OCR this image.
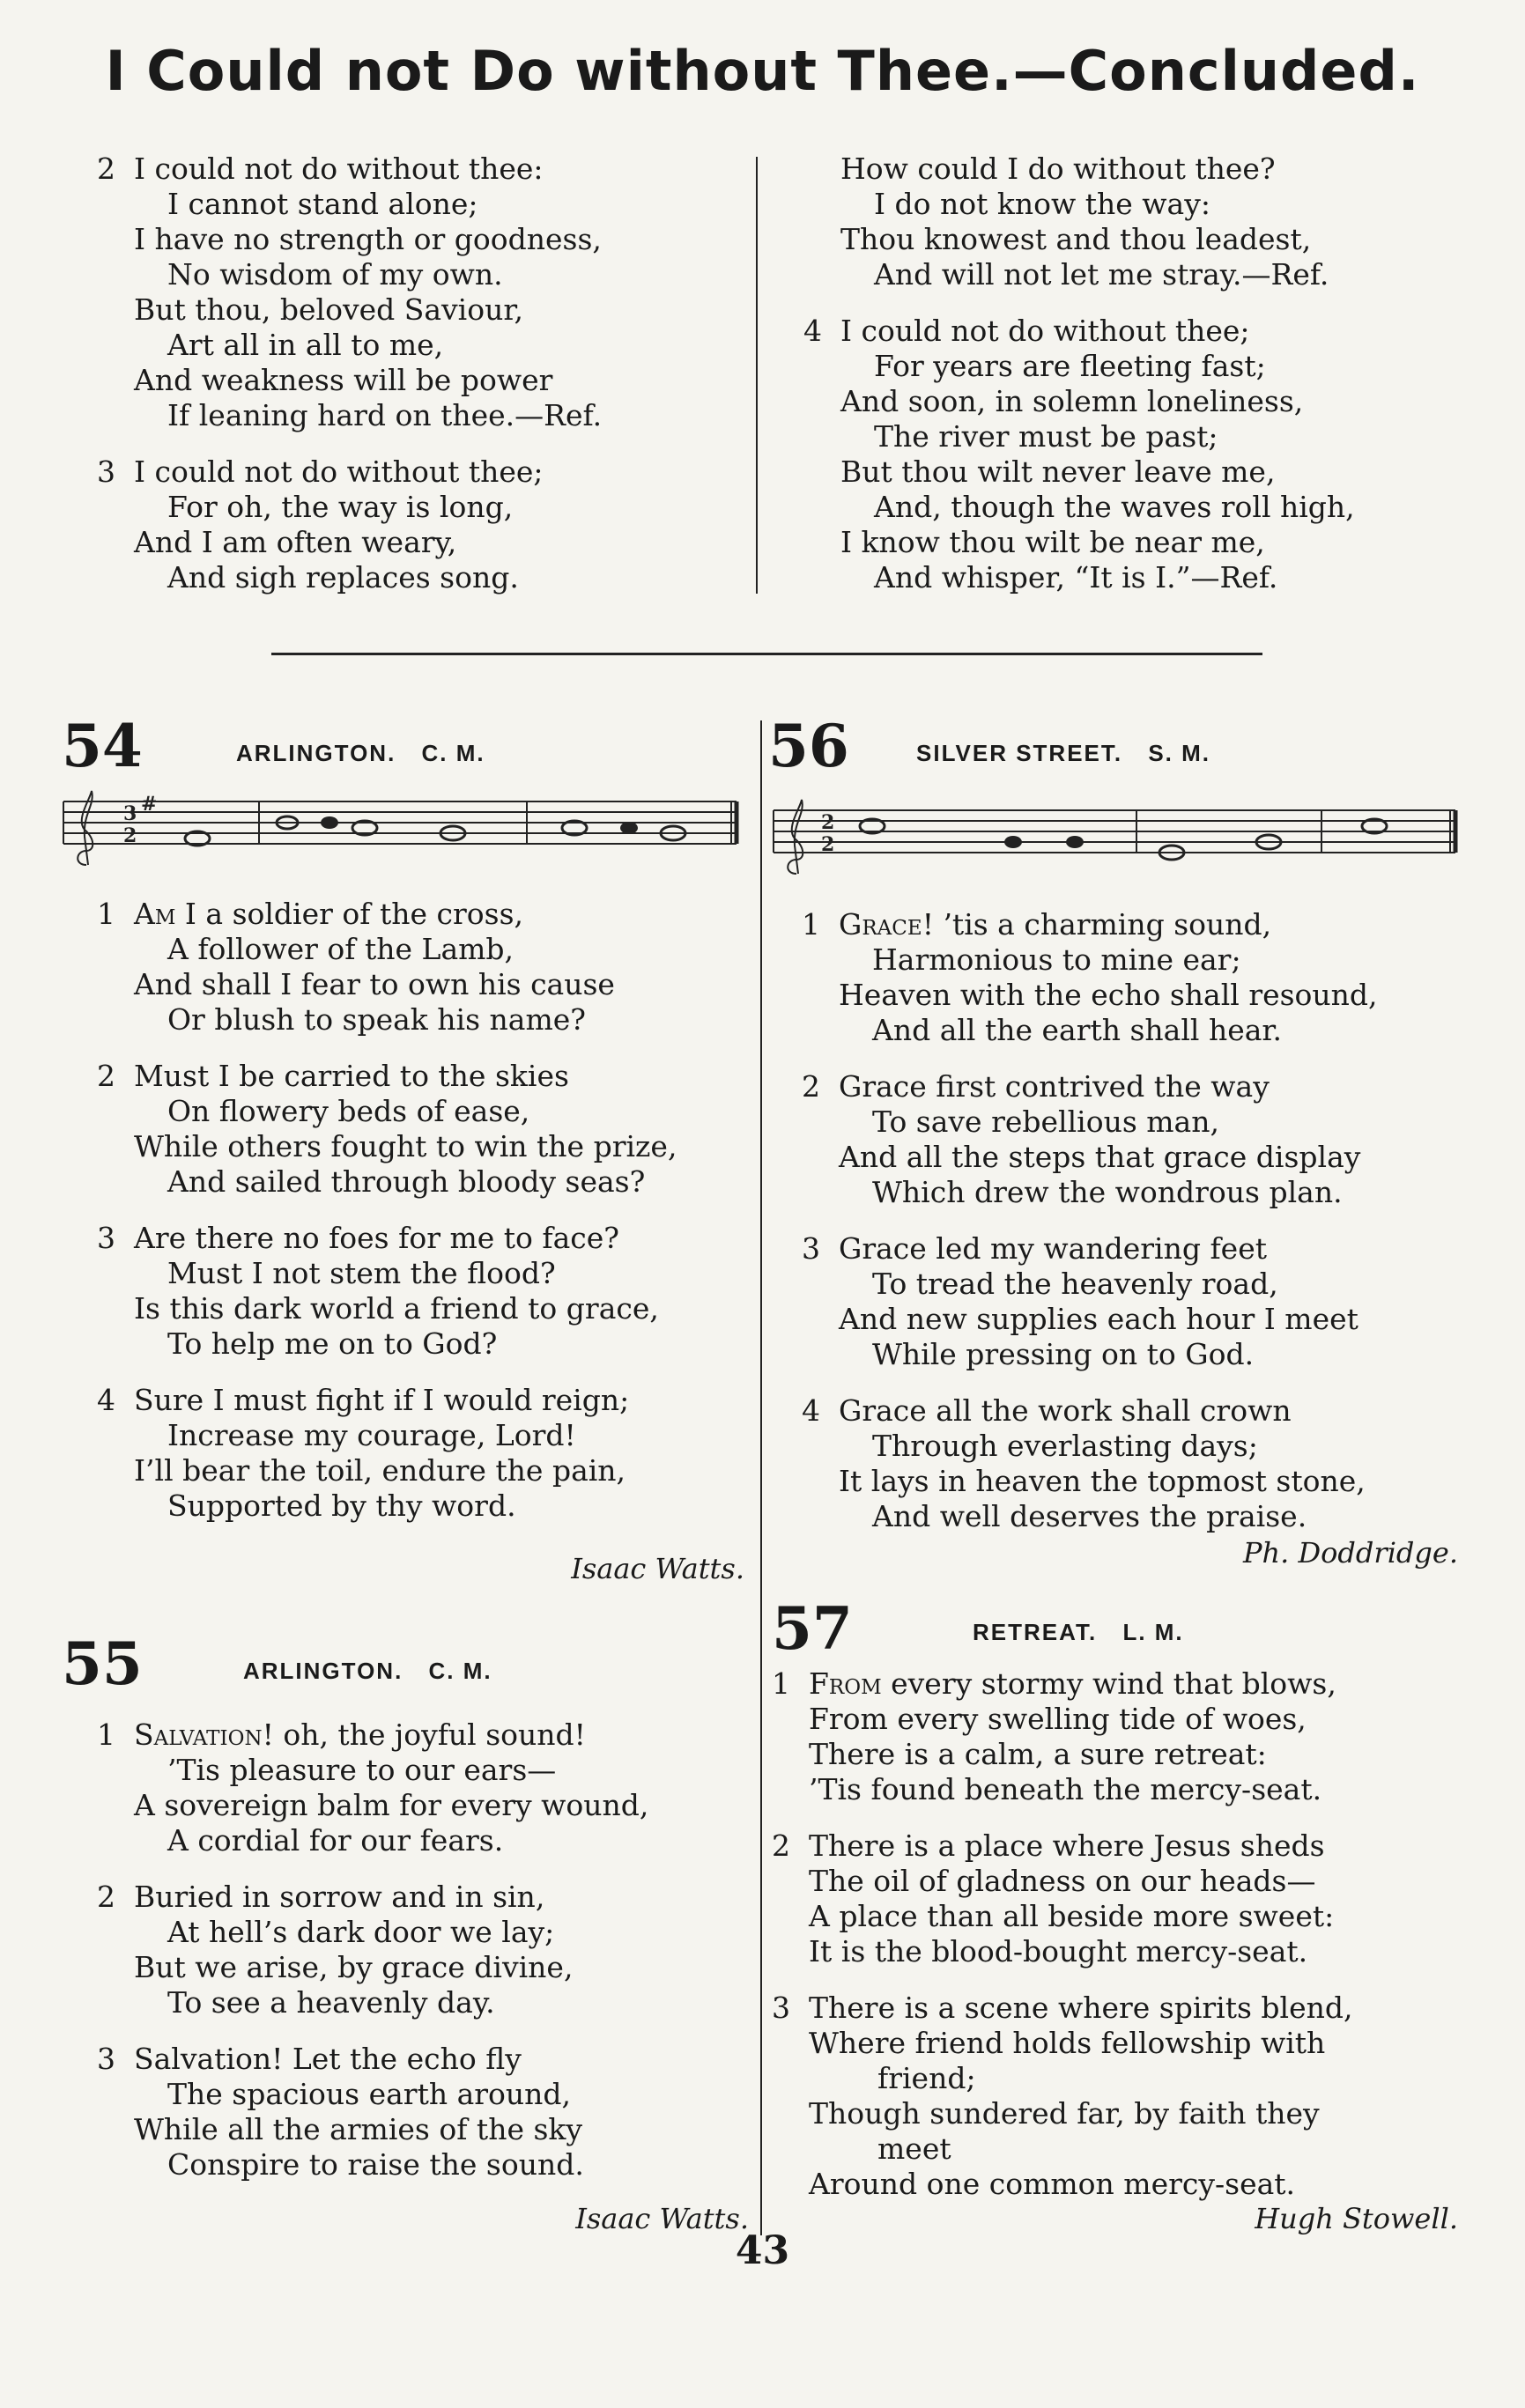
I Could not Do without Thee.—Concluded.
2 I could not do without thee:
I cannot stand alone;
I have no strength or goodness,
No wisdom of my own.
But thou, beloved Saviour,
Art all in all to me,
And weakness will be power
If leaning hard on thee.—Ref.
3 I could not do without thee;
For oh, the way is long,
And I am often weary,
And sigh replaces song.
How could I do without thee?
I do not know the way:
Thou knowest and thou leadest,
And will not let me stray.—Ref.
4 I could not do without thee;
For years are fleeting fast;
And soon, in solemn loneliness,
The river must be past;
But thou wilt never leave me,
And, though the waves roll high,
I know thou wilt be near me,
And whisper, “It is I.”—Ref.
54	ARLINGTON. C. M.
3
2
#
1 Am I a soldier of the cross,
A follower of the Lamb,
And shall I fear to own his cause
Or blush to speak his name?
2 Must I be carried to the skies
On flowery beds of ease,
While others fought to win the prize,
And sailed through bloody seas?
3 Are there no foes for me to face?
Must I not stem the flood?
Is this dark world a friend to grace,
To help me on to God?
4 Sure I must fight if I would reign;
Increase my courage, Lord!
I’ll bear the toil, endure the pain,
Supported by thy word.
Isaac Watts.
55	ARLINGTON. C. M.
1 Salvation! oh, the joyful sound!
’Tis pleasure to our ears—
A sovereign balm for every wound,
A cordial for our fears.
2 Buried in sorrow and in sin,
At hell’s dark door we lay;
But we arise, by grace divine,
To see a heavenly day.
3 Salvation! Let the echo fly
The spacious earth around,
While all the armies of the sky
Conspire to raise the sound.
Isaac Watts.
56	SILVER STREET. S. M.
2
2
1 Grace! ’tis a charming sound,
Harmonious to mine ear;
Heaven with the echo shall resound,
And all the earth shall hear.
2 Grace first contrived the way
To save rebellious man,
And all the steps that grace display
Which drew the wondrous plan.
3 Grace led my wandering feet
To tread the heavenly road,
And new supplies each hour I meet
While pressing on to God.
4 Grace all the work shall crown
Through everlasting days;
It lays in heaven the topmost stone,
And well deserves the praise.
Ph. Doddridge.
57	RETREAT. L. M.
1 From every stormy wind that blows,
From every swelling tide of woes,
There is a calm, a sure retreat:
’Tis found beneath the mercy-seat.
2 There is a place where Jesus sheds
The oil of gladness on our heads—
A place than all beside more sweet:
It is the blood-bought mercy-seat.
3 There is a scene where spirits blend,
Where friend holds fellowship with
friend;
Though sundered far, by faith they
meet
Around one common mercy-seat.
Hugh Stowell.
43
